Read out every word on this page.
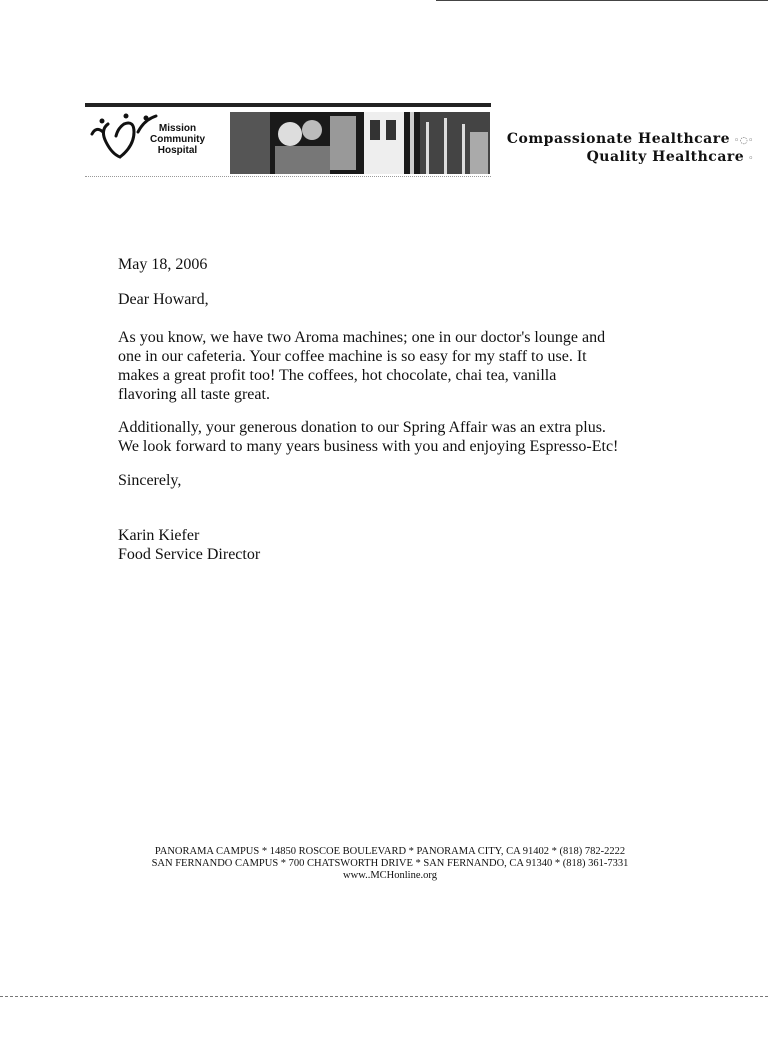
Mission
Community
Hospital
Compassionate Healthcare ◦◌◦
Quality Healthcare ◦
May 18, 2006
Dear Howard,
As you know, we have two Aroma machines; one in our doctor's lounge and
one in our cafeteria. Your coffee machine is so easy for my staff to use. It
makes a great profit too! The coffees, hot chocolate, chai tea, vanilla
flavoring all taste great.
Additionally, your generous donation to our Spring Affair was an extra plus.
We look forward to many years business with you and enjoying Espresso-Etc!
Sincerely,
Karin Kiefer
Food Service Director
PANORAMA CAMPUS * 14850 ROSCOE BOULEVARD * PANORAMA CITY, CA 91402 * (818) 782-2222
SAN FERNANDO CAMPUS * 700 CHATSWORTH DRIVE * SAN FERNANDO, CA 91340 * (818) 361-7331
www..MCHonline.org
